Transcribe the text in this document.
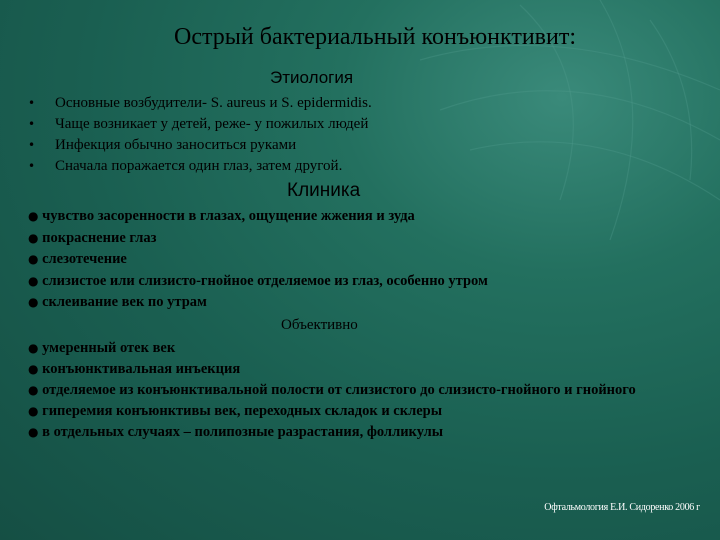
Острый бактериальный конъюнктивит:
Этиология
• Основные возбудители- S. aureus и S. epidermidis.
• Чаще возникает у детей, реже- у пожилых людей
• Инфекция обычно заноситься руками
• Сначала поражается один глаз, затем другой.
Клиника
● чувство засоренности в глазах, ощущение жжения и зуда
● покраснение глаз
● слезотечение
● слизистое или слизисто-гнойное отделяемое из глаз, особенно утром
● склеивание век по утрам
Объективно
● умеренный отек век
● конъюнктивальная инъекция
● отделяемое из конъюнктивальной полости от слизистого до слизисто-гнойного и гнойного
● гиперемия конъюнктивы век, переходных складок и склеры
● в отдельных случаях – полипозные разрастания, фолликулы
Офтальмология Е.И. Сидоренко 2006 г
